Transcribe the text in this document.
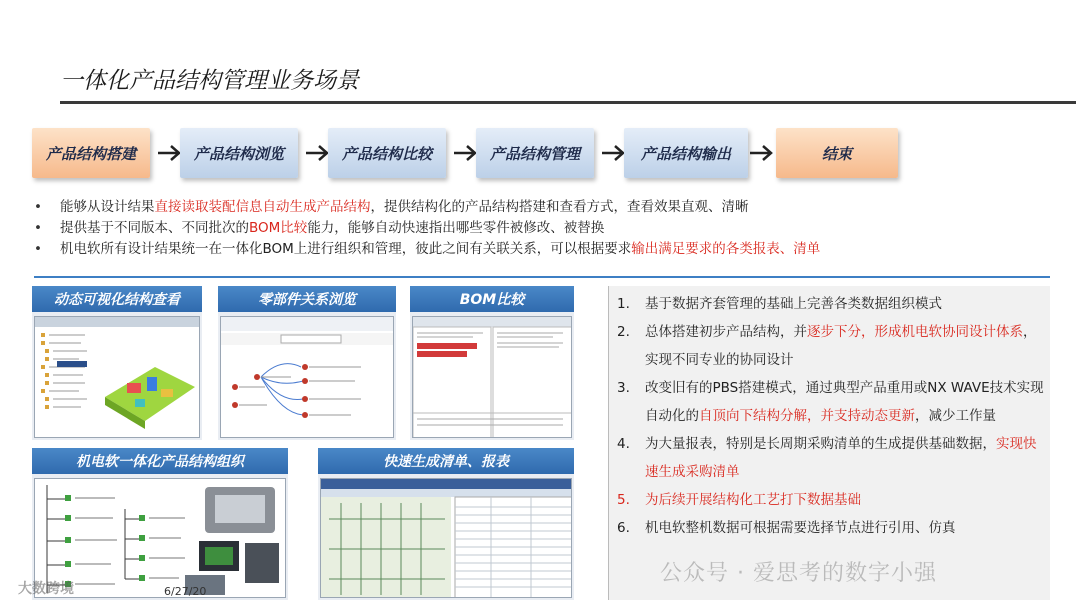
一体化产品结构管理业务场景
产品结构搭建	产品结构浏览	产品结构比较	产品结构管理	产品结构输出	结束
• 能够从设计结果直接读取装配信息自动生成产品结构，提供结构化的产品结构搭建和查看方式，查看效果直观、清晰
• 提供基于不同版本、不同批次的BOM比较能力，能够自动快速指出哪些零件被修改、被替换
• 机电软所有设计结果统一在一体化BOM上进行组织和管理，彼此之间有关联关系，可以根据要求输出满足要求的各类报表、清单
动态可视化结构查看	零部件关系浏览	BOM比较
机电软一体化产品结构组织	快速生成清单、报表
6/27/20
1. 基于数据齐套管理的基础上完善各类数据组织模式
2. 总体搭建初步产品结构，并逐步下分，形成机电软协同设计体系，实现不同专业的协同设计
3. 改变旧有的PBS搭建模式，通过典型产品重用或NX WAVE技术实现自动化的自顶向下结构分解，并支持动态更新，减少工作量
4. 为大量报表，特别是长周期采购清单的生成提供基础数据，实现快速生成采购清单
5. 为后续开展结构化工艺打下数据基础
6. 机电软整机数据可根据需要选择节点进行引用、仿真
大数跨境
公众号 · 爱思考的数字小强
